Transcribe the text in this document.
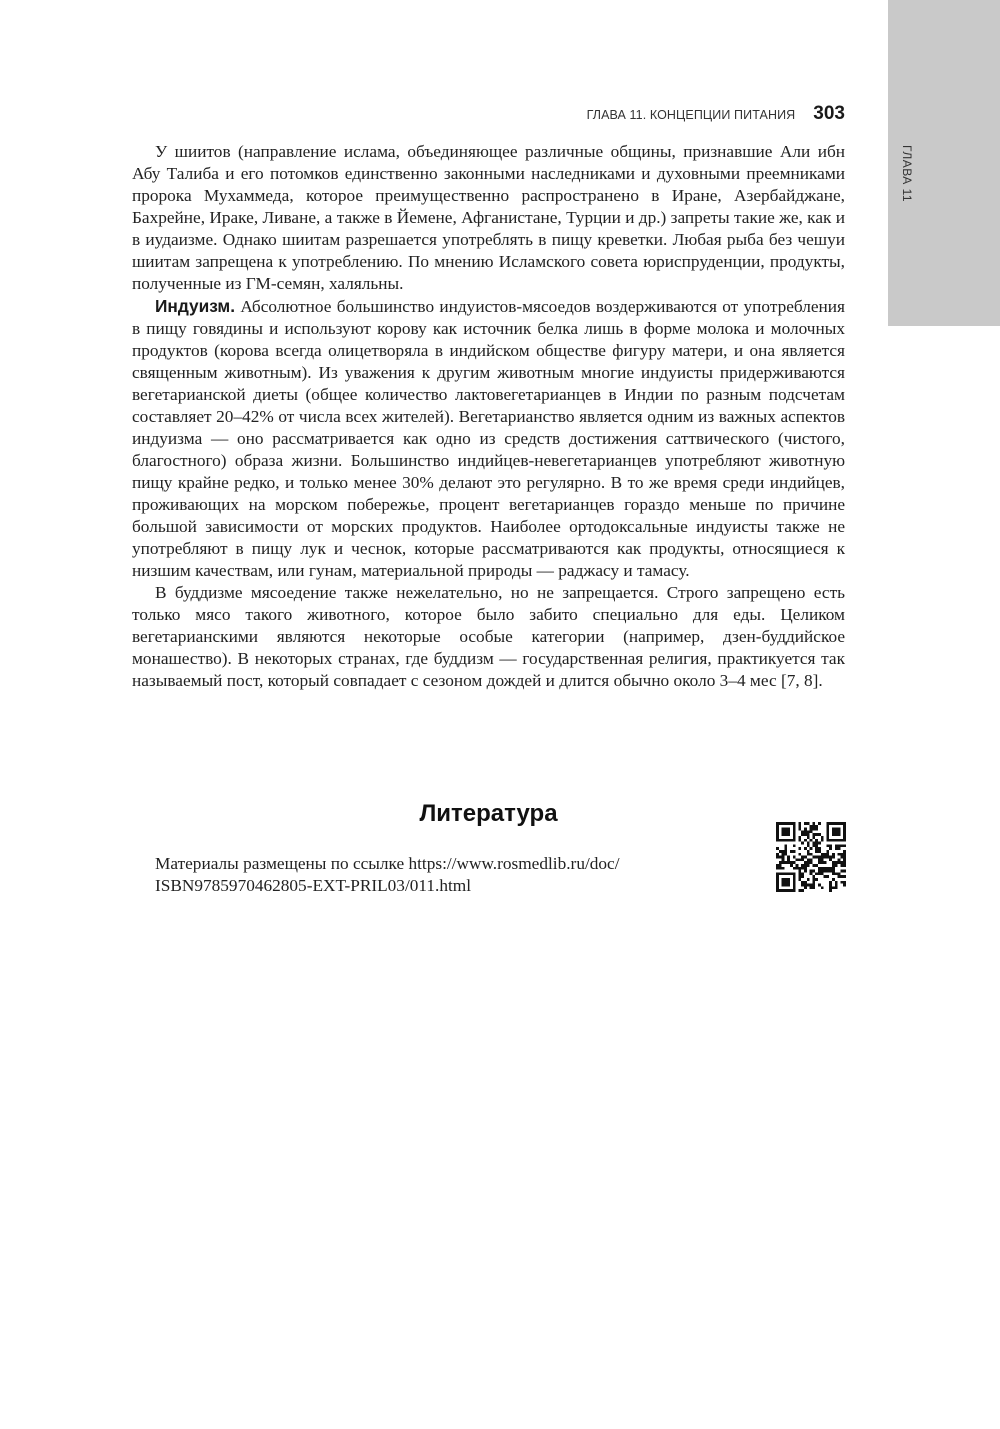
ГЛАВА 11
ГЛАВА 11. КОНЦЕПЦИИ ПИТАНИЯ 303

У шиитов (направление ислама, объединяющее различные общины, признавшие Али ибн Абу Талиба и его потомков единственно законными наследниками и духовными преемниками пророка Мухаммеда, которое преимущественно распространено в Иране, Азербайджане, Бахрейне, Ираке, Ливане, а также в Йемене, Афганистане, Турции и др.) запреты такие же, как и в иудаизме. Однако шиитам разрешается употреблять в пищу креветки. Любая рыба без чешуи шиитам запрещена к употреблению. По мнению Исламского совета юриспруденции, продукты, полученные из ГМ-семян, халяльны.

Индуизм. Абсолютное большинство индуистов-мясоедов воздерживаются от употребления в пищу говядины и используют корову как источник белка лишь в форме молока и молочных продуктов (корова всегда олицетворяла в индийском обществе фигуру матери, и она является священным животным). Из уважения к другим животным многие индуисты придерживаются вегетарианской диеты (общее количество лактовегетарианцев в Индии по разным подсчетам составляет 20–42% от числа всех жителей). Вегетарианство является одним из важных аспектов индуизма — оно рассматривается как одно из средств достижения саттвического (чистого, благостного) образа жизни. Большинство индийцев-невегетарианцев употребляют животную пищу крайне редко, и только менее 30% делают это регулярно. В то же время среди индийцев, проживающих на морском побережье, процент вегетарианцев гораздо меньше по причине большой зависимости от морских продуктов. Наиболее ортодоксальные индуисты также не употребляют в пищу лук и чеснок, которые рассматриваются как продукты, относящиеся к низшим качествам, или гунам, материальной природы — раджасу и тамасу.

В буддизме мясоедение также нежелательно, но не запрещается. Строго запрещено есть только мясо такого животного, которое было забито специально для еды. Целиком вегетарианскими являются некоторые особые категории (например, дзен-буддийское монашество). В некоторых странах, где буддизм — государственная религия, практикуется так называемый пост, который совпадает с сезоном дождей и длится обычно около 3–4 мес [7, 8].

Литература
Материалы размещены по ссылке https://www.rosmedlib.ru/doc/
ISBN9785970462805-EXT-PRIL03/011.html
